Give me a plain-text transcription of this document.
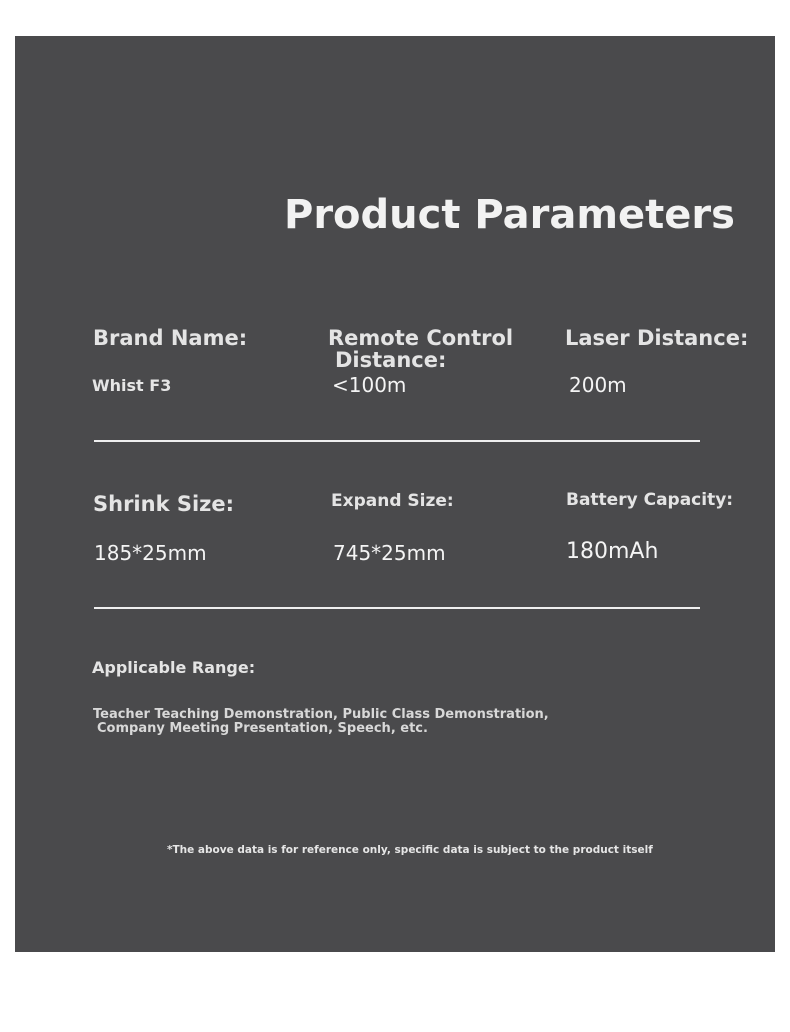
Product Parameters
Brand Name:
Whist F3
Remote Control
Distance:
<100m
Laser Distance:
200m
Shrink Size:
185*25mm
Expand Size:
745*25mm
Battery Capacity:
180mAh
Applicable Range:
Teacher Teaching Demonstration, Public Class Demonstration,
Company Meeting Presentation, Speech, etc.
*The above data is for reference only, specific data is subject to the product itself
